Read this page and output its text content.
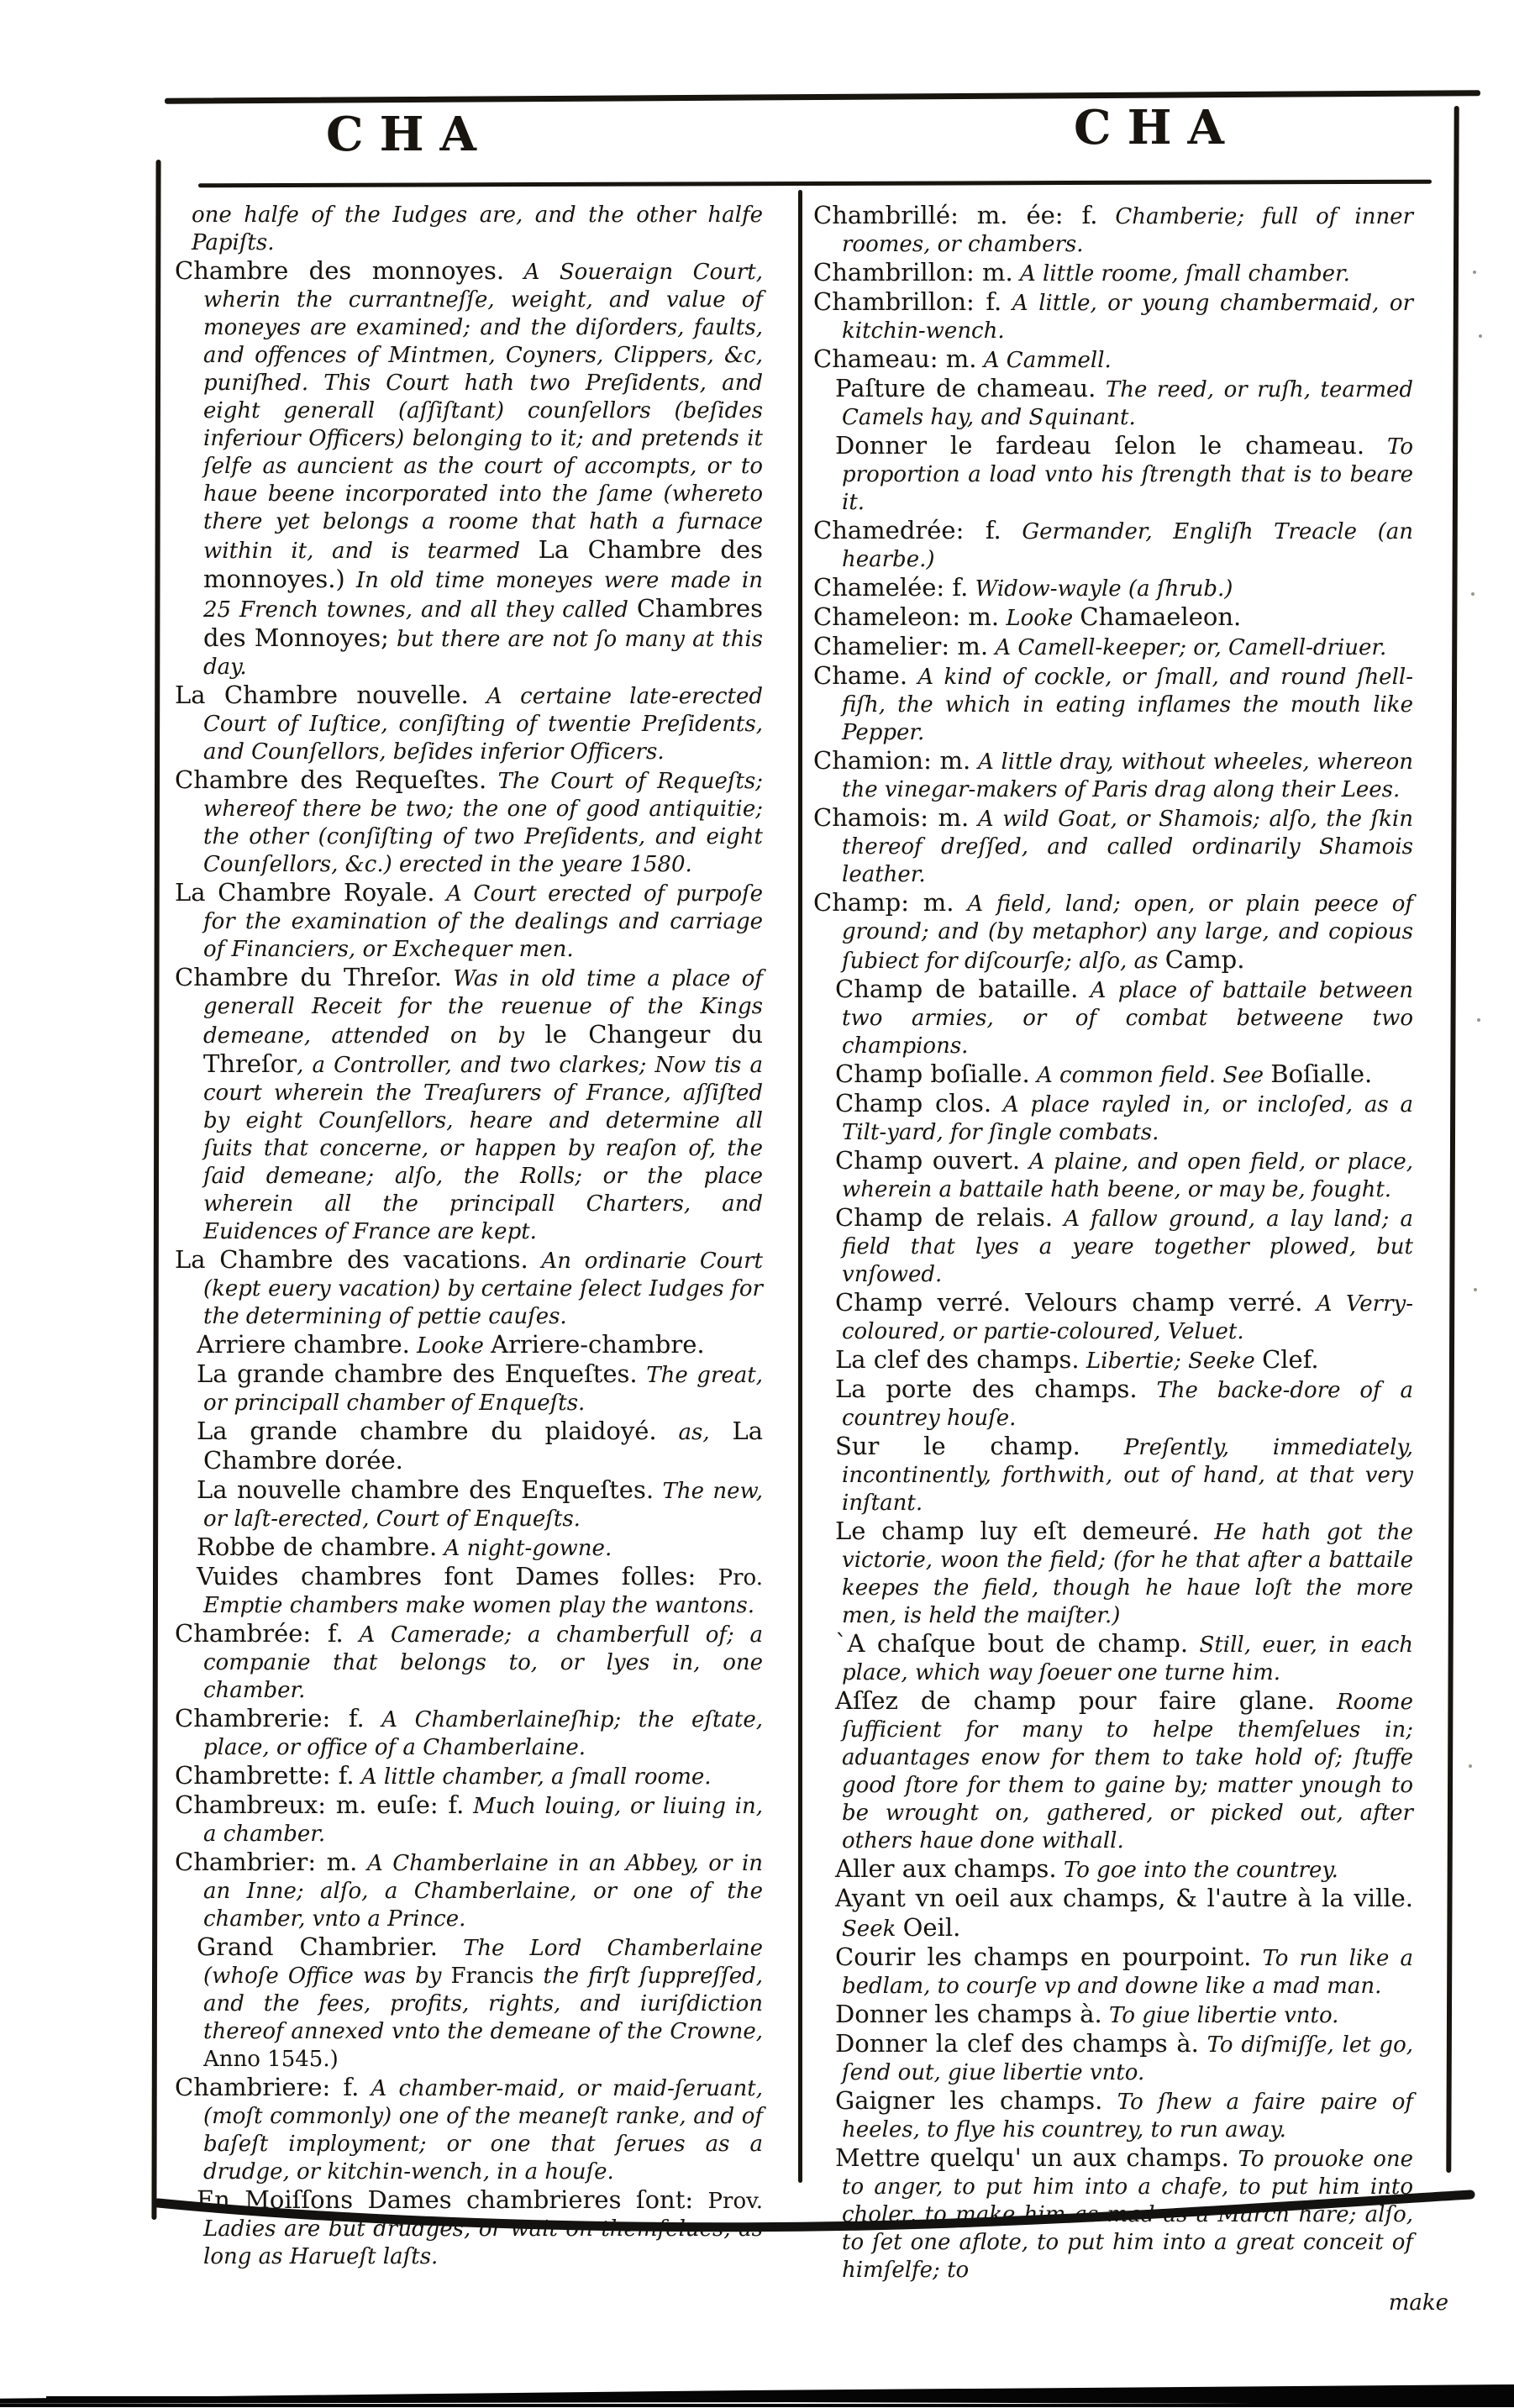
CHA	CHA

one halfe of the Iudges are, and the other halfe Papiſts.

Chambre des monnoyes. A Soueraign Court, wherin the currantneſſe, weight, and value of moneyes are examined; and the diſorders, faults, and offences of Mintmen, Coyners, Clippers, &c, puniſhed. This Court hath two Preſidents, and eight generall (aſſiſtant) counſellors (beſides inferiour Officers) belonging to it; and pretends it ſelfe as auncient as the court of accompts, or to haue beene incorporated into the ſame (whereto there yet belongs a roome that hath a furnace within it, and is tearmed La Chambre des monnoyes.) In old time moneyes were made in 25 French townes, and all they called Chambres des Monnoyes; but there are not ſo many at this day.

La Chambre nouvelle. A certaine late-erected Court of Iuſtice, conſiſting of twentie Preſidents, and Counſellors, beſides inferior Officers.

Chambre des Requeſtes. The Court of Requeſts; whereof there be two; the one of good antiquitie; the other (conſiſting of two Preſidents, and eight Counſellors, &c.) erected in the yeare 1580.

La Chambre Royale. A Court erected of purpoſe for the examination of the dealings and carriage of Financiers, or Exchequer men.

Chambre du Threſor. Was in old time a place of generall Receit for the reuenue of the Kings demeane, attended on by le Changeur du Threſor, a Controller, and two clarkes; Now tis a court wherein the Treaſurers of France, aſſiſted by eight Counſellors, heare and determine all ſuits that concerne, or happen by reaſon of, the ſaid demeane; alſo, the Rolls; or the place wherein all the principall Charters, and Euidences of France are kept.

La Chambre des vacations. An ordinarie Court (kept euery vacation) by certaine ſelect Iudges for the determining of pettie cauſes.

Arriere chambre. Looke Arriere-chambre.

La grande chambre des Enqueſtes. The great, or principall chamber of Enqueſts.

La grande chambre du plaidoyé. as, La Chambre dorée.

La nouvelle chambre des Enqueſtes. The new, or laſt-erected, Court of Enqueſts.

Robbe de chambre. A night-gowne.

Vuides chambres font Dames folles: Pro. Emptie chambers make women play the wantons.

Chambrée: f. A Camerade; a chamberfull of; a companie that belongs to, or lyes in, one chamber.

Chambrerie: f. A Chamberlaineſhip; the eſtate, place, or office of a Chamberlaine.

Chambrette: f. A little chamber, a ſmall roome.

Chambreux: m. euſe: f. Much louing, or liuing in, a chamber.

Chambrier: m. A Chamberlaine in an Abbey, or in an Inne; alſo, a Chamberlaine, or one of the chamber, vnto a Prince.

Grand Chambrier. The Lord Chamberlaine (whoſe Office was by Francis the firſt ſuppreſſed, and the fees, profits, rights, and iuriſdiction thereof annexed vnto the demeane of the Crowne, Anno 1545.)

Chambriere: f. A chamber-maid, or maid-ſeruant, (moſt commonly) one of the meaneſt ranke, and of baſeſt imployment; or one that ſerues as a drudge, or kitchin-wench, in a houſe.

En Moiſſons Dames chambrieres ſont: Prov. Ladies are but drudges, or wait on themſelues, as long as Harueſt laſts.

Chambrillé: m. ée: f. Chamberie; full of inner roomes, or chambers.

Chambrillon: m. A little roome, ſmall chamber.

Chambrillon: f. A little, or young chambermaid, or kitchin-wench.

Chameau: m. A Cammell.

Paſture de chameau. The reed, or ruſh, tearmed Camels hay, and Squinant.

Donner le fardeau ſelon le chameau. To proportion a load vnto his ſtrength that is to beare it.

Chamedrée: f. Germander, Engliſh Treacle (an hearbe.)

Chamelée: f. Widow-wayle (a ſhrub.)

Chameleon: m. Looke Chamaeleon.

Chamelier: m. A Camell-keeper; or, Camell-driuer.

Chame. A kind of cockle, or ſmall, and round ſhell-fiſh, the which in eating inflames the mouth like Pepper.

Chamion: m. A little dray, without wheeles, whereon the vinegar-makers of Paris drag along their Lees.

Chamois: m. A wild Goat, or Shamois; alſo, the ſkin thereof dreſſed, and called ordinarily Shamois leather.

Champ: m. A field, land; open, or plain peece of ground; and (by metaphor) any large, and copious ſubiect for diſcourſe; alſo, as Camp.

Champ de bataille. A place of battaile between two armies, or of combat betweene two champions.

Champ boſialle. A common field. See Boſialle.

Champ clos. A place rayled in, or incloſed, as a Tilt-yard, for ſingle combats.

Champ ouvert. A plaine, and open field, or place, wherein a battaile hath beene, or may be, fought.

Champ de relais. A fallow ground, a lay land; a field that lyes a yeare together plowed, but vnſowed.

Champ verré. Velours champ verré. A Verry-coloured, or partie-coloured, Veluet.

La clef des champs. Libertie; Seeke Clef.

La porte des champs. The backe-dore of a countrey houſe.

Sur le champ. Preſently, immediately, incontinently, forthwith, out of hand, at that very inſtant.

Le champ luy eſt demeuré. He hath got the victorie, woon the field; (for he that after a battaile keepes the field, though he haue loſt the more men, is held the maiſter.)

`A chaſque bout de champ. Still, euer, in each place, which way ſoeuer one turne him.

Aſſez de champ pour faire glane. Roome ſufficient for many to helpe themſelues in; aduantages enow for them to take hold of; ſtuffe good ſtore for them to gaine by; matter ynough to be wrought on, gathered, or picked out, after others haue done withall.

Aller aux champs. To goe into the countrey.

Ayant vn oeil aux champs, & l'autre à la ville. Seek Oeil.

Courir les champs en pourpoint. To run like a bedlam, to courſe vp and downe like a mad man.

Donner les champs à. To giue libertie vnto.

Donner la clef des champs à. To diſmiſſe, let go, ſend out, giue libertie vnto.

Gaigner les champs. To ſhew a faire paire of heeles, to flye his countrey, to run away.

Mettre quelqu' un aux champs. To prouoke one to anger, to put him into a chafe, to put him into choler, to make him as mad as a March hare; alſo, to ſet one aflote, to put him into a great conceit of himſelfe; to

make
